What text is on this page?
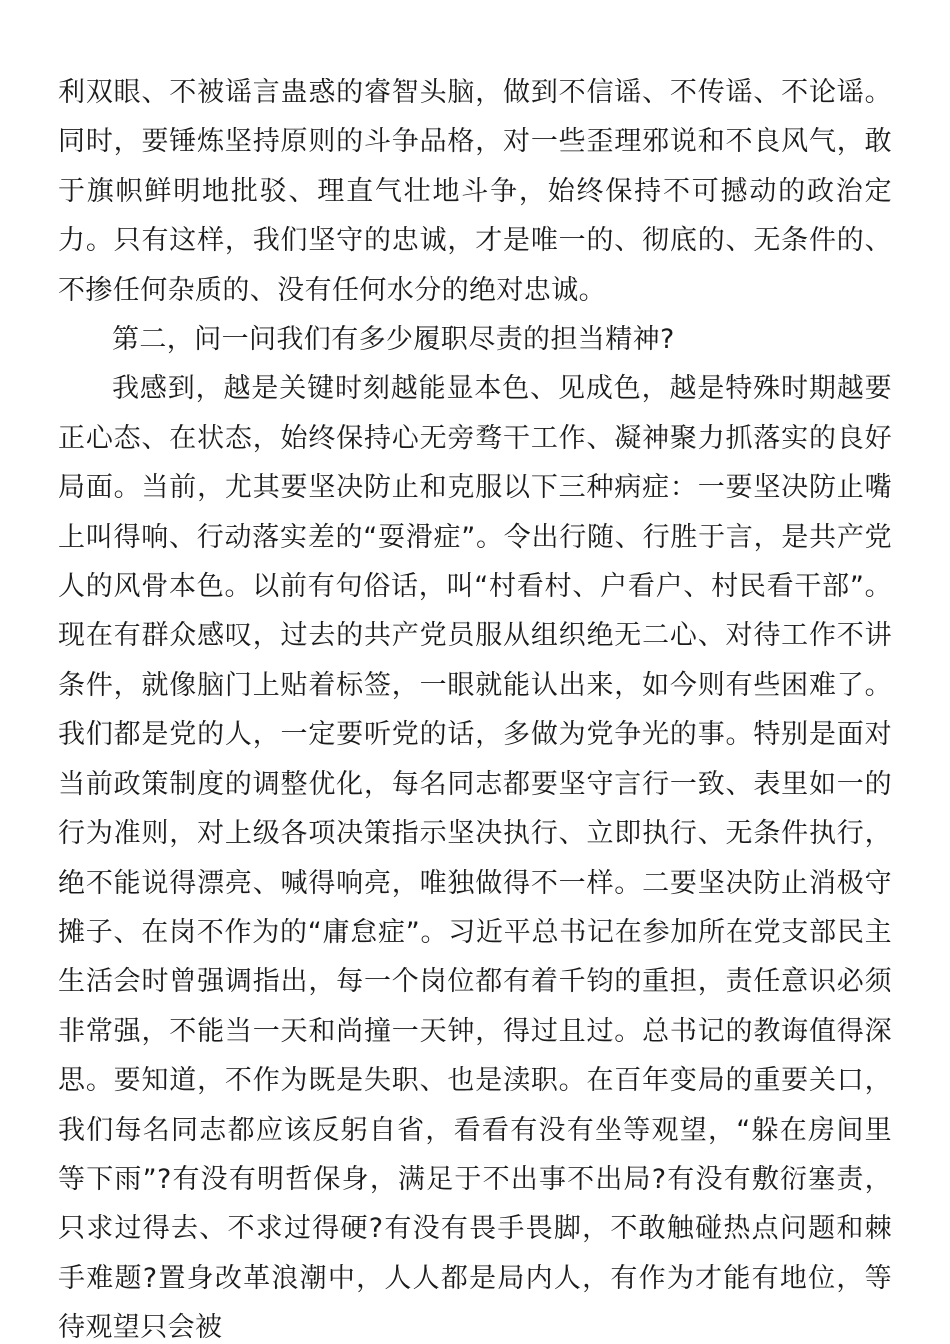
利双眼、不被谣言蛊惑的睿智头脑，做到不信谣、不传谣、不论谣。同时，要锤炼坚持原则的斗争品格，对一些歪理邪说和不良风气，敢于旗帜鲜明地批驳、理直气壮地斗争，始终保持不可撼动的政治定力。只有这样，我们坚守的忠诚，才是唯一的、彻底的、无条件的、不掺任何杂质的、没有任何水分的绝对忠诚。

第二，问一问我们有多少履职尽责的担当精神?

我感到，越是关键时刻越能显本色、见成色，越是特殊时期越要正心态、在状态，始终保持心无旁骛干工作、凝神聚力抓落实的良好局面。当前，尤其要坚决防止和克服以下三种病症：一要坚决防止嘴上叫得响、行动落实差的“耍滑症”。令出行随、行胜于言，是共产党人的风骨本色。以前有句俗话，叫“村看村、户看户、村民看干部”。现在有群众感叹，过去的共产党员服从组织绝无二心、对待工作不讲条件，就像脑门上贴着标签，一眼就能认出来，如今则有些困难了。我们都是党的人，一定要听党的话，多做为党争光的事。特别是面对当前政策制度的调整优化，每名同志都要坚守言行一致、表里如一的行为准则，对上级各项决策指示坚决执行、立即执行、无条件执行，绝不能说得漂亮、喊得响亮，唯独做得不一样。二要坚决防止消极守摊子、在岗不作为的“庸怠症”。习近平总书记在参加所在党支部民主生活会时曾强调指出，每一个岗位都有着千钧的重担，责任意识必须非常强，不能当一天和尚撞一天钟，得过且过。总书记的教诲值得深思。要知道，不作为既是失职、也是渎职。在百年变局的重要关口，我们每名同志都应该反躬自省，看看有没有坐等观望，“躲在房间里等下雨”?有没有明哲保身，满足于不出事不出局?有没有敷衍塞责，只求过得去、不求过得硬?有没有畏手畏脚，不敢触碰热点问题和棘手难题?置身改革浪潮中，人人都是局内人，有作为才能有地位，等待观望只会被
